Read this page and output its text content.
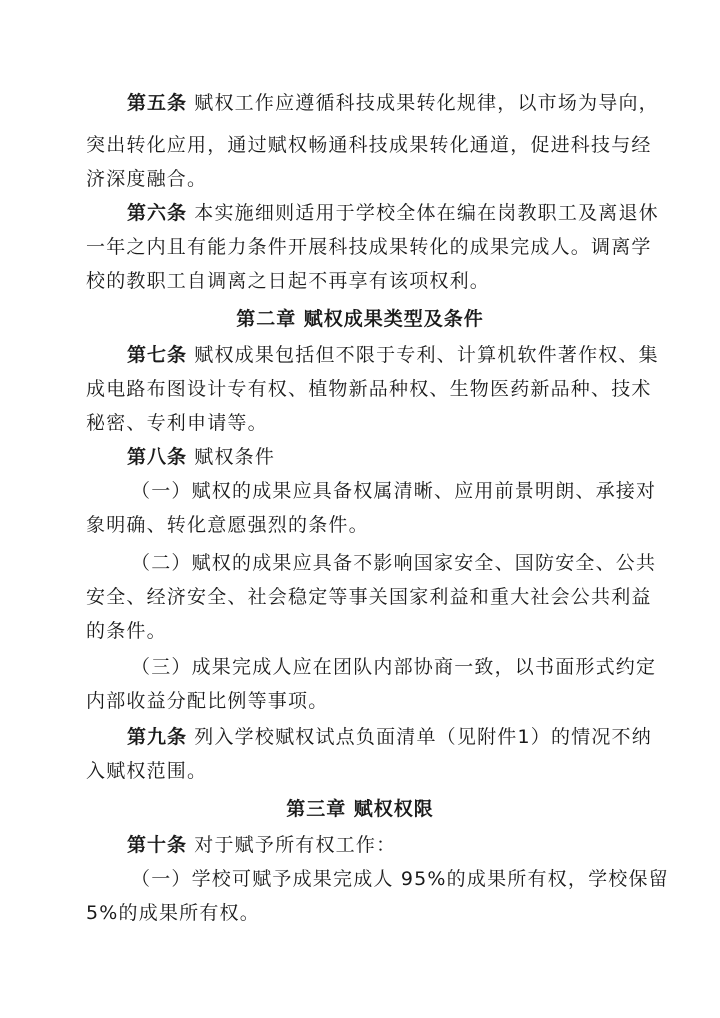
第五条 赋权工作应遵循科技成果转化规律，以市场为导向，
突出转化应用，通过赋权畅通科技成果转化通道，促进科技与经
济深度融合。
第六条 本实施细则适用于学校全体在编在岗教职工及离退休
一年之内且有能力条件开展科技成果转化的成果完成人。调离学
校的教职工自调离之日起不再享有该项权利。
第二章 赋权成果类型及条件
第七条 赋权成果包括但不限于专利、计算机软件著作权、集
成电路布图设计专有权、植物新品种权、生物医药新品种、技术
秘密、专利申请等。
第八条 赋权条件
（一）赋权的成果应具备权属清晰、应用前景明朗、承接对
象明确、转化意愿强烈的条件。
（二）赋权的成果应具备不影响国家安全、国防安全、公共
安全、经济安全、社会稳定等事关国家利益和重大社会公共利益
的条件。
（三）成果完成人应在团队内部协商一致，以书面形式约定
内部收益分配比例等事项。
第九条 列入学校赋权试点负面清单（见附件1）的情况不纳
入赋权范围。
第三章 赋权权限
第十条 对于赋予所有权工作：
（一）学校可赋予成果完成人 95%的成果所有权，学校保留
5%的成果所有权。
